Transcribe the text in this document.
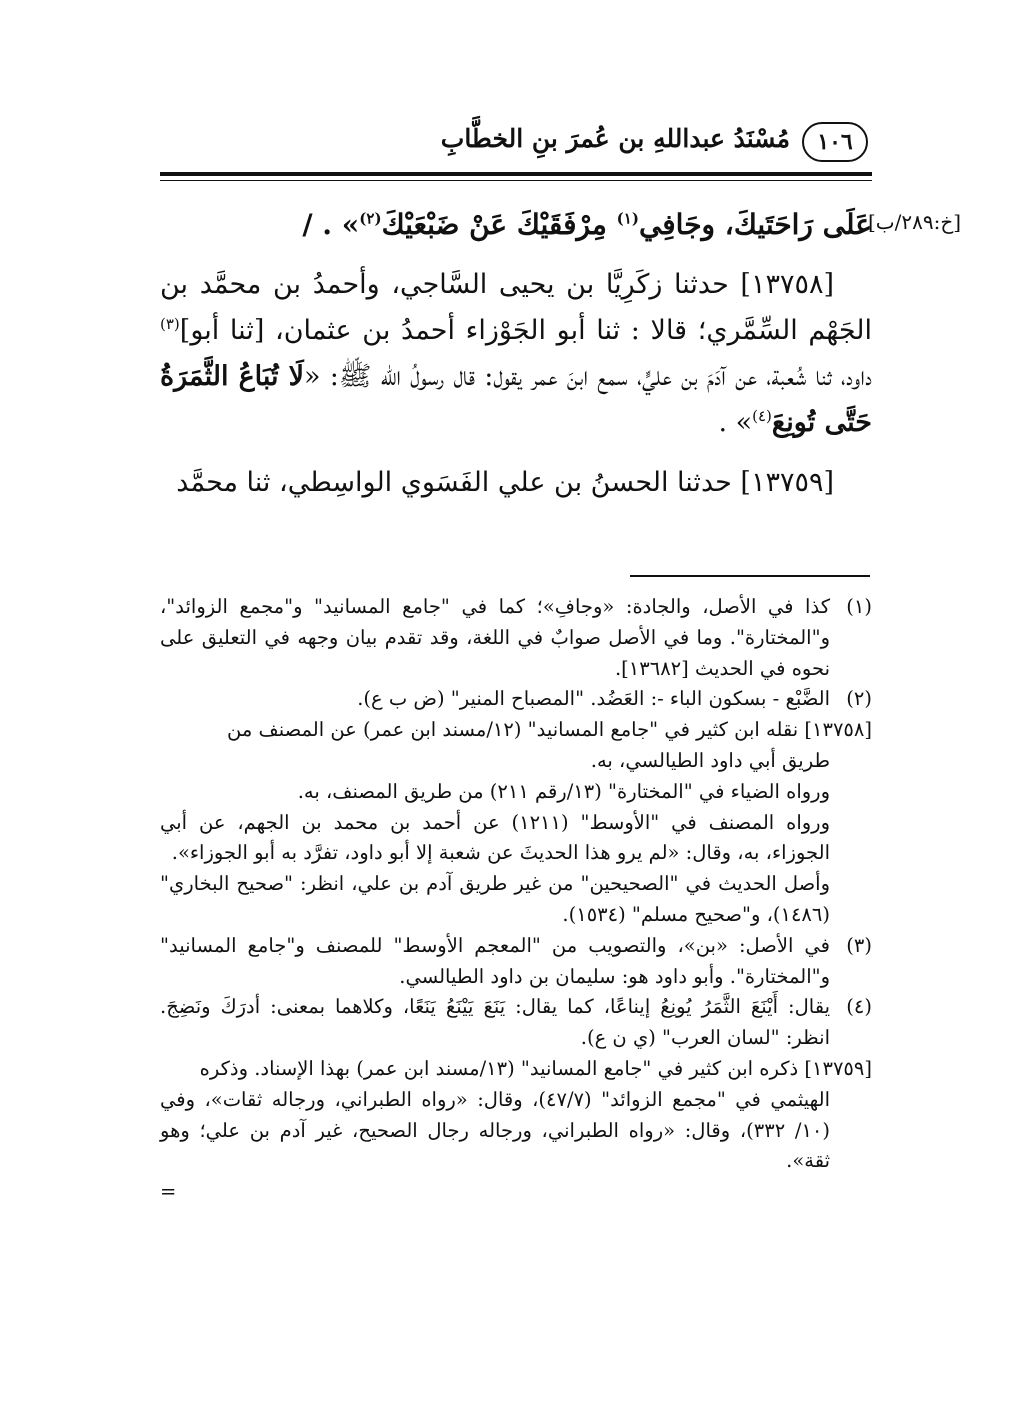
١٠٦
مُسْنَدُ عبداللهِ بن عُمرَ بنِ الخطَّابِ
[خ:٢٨٩/ب]

عَلَى رَاحَتَيكَ، وجَافِي$^{(١)}$ مِرْفَقَيْكَ عَنْ ضَبْعَيْكَ$^{(٢)}$» . /

[١٣٧٥٨] حدثنا زكَرِيَّا بن يحيى السَّاجي، وأحمدُ بن محمَّد بن الجَهْم السِّمَّري؛ قالا : ثنا أبو الجَوْزاء أحمدُ بن عثمان، [ثنا أبو]$^{(٣)}$ داود، ثنا شُعبة، عن آدَمَ بن عليٍّ، سمع ابنَ عمر يقول: قال رسولُ الله ﷺ: «لَا تُبَاعُ الثَّمَرَةُ حَتَّى تُونِعَ$^{(٤)}$» .

[١٣٧٥٩] حدثنا الحسنُ بن علي الفَسَوي الواسِطي، ثنا محمَّد

(١)
كذا في الأصل، والجادة: «وجافِ»؛ كما في "جامع المسانيد" و"مجمع الزوائد"، و"المختارة". وما في الأصل صوابٌ في اللغة، وقد تقدم بيان وجهه في التعليق على نحوه في الحديث [١٣٦٨٢].

(٢)
الضَّبْع - بسكون الباء -: العَضُد. "المصباح المنير" (ض ب ع).

[١٣٧٥٨] نقله ابن كثير في "جامع المسانيد" (١٢/مسند ابن عمر) عن المصنف من

طريق أبي داود الطيالسي، به.

ورواه الضياء في "المختارة" (١٣/رقم ٢١١) من طريق المصنف، به.

ورواه المصنف في "الأوسط" (١٢١١) عن أحمد بن محمد بن الجهم، عن أبي الجوزاء، به، وقال: «لم يرو هذا الحديثَ عن شعبة إلا أبو داود، تفرَّد به أبو الجوزاء».

وأصل الحديث في "الصحيحين" من غير طريق آدم بن علي، انظر: "صحيح البخاري" (١٤٨٦)، و"صحيح مسلم" (١٥٣٤).

(٣)
في الأصل: «بن»، والتصويب من "المعجم الأوسط" للمصنف و"جامع المسانيد" و"المختارة". وأبو داود هو: سليمان بن داود الطيالسي.

(٤)
يقال: أَيْنَعَ الثَّمَرُ يُونِعُ إيناعًا، كما يقال: يَنَعَ يَيْنَعُ يَنَعًا، وكلاهما بمعنى: أدرَكَ ونَضِجَ. انظر: "لسان العرب" (ي ن ع).

[١٣٧٥٩] ذكره ابن كثير في "جامع المسانيد" (١٣/مسند ابن عمر) بهذا الإسناد. وذكره

الهيثمي في "مجمع الزوائد" (٤٧/٧)، وقال: «رواه الطبراني، ورجاله ثقات»، وفي (١٠/ ٣٣٢)، وقال: «رواه الطبراني، ورجاله رجال الصحيح، غير آدم بن علي؛ وهو ثقة».
=
